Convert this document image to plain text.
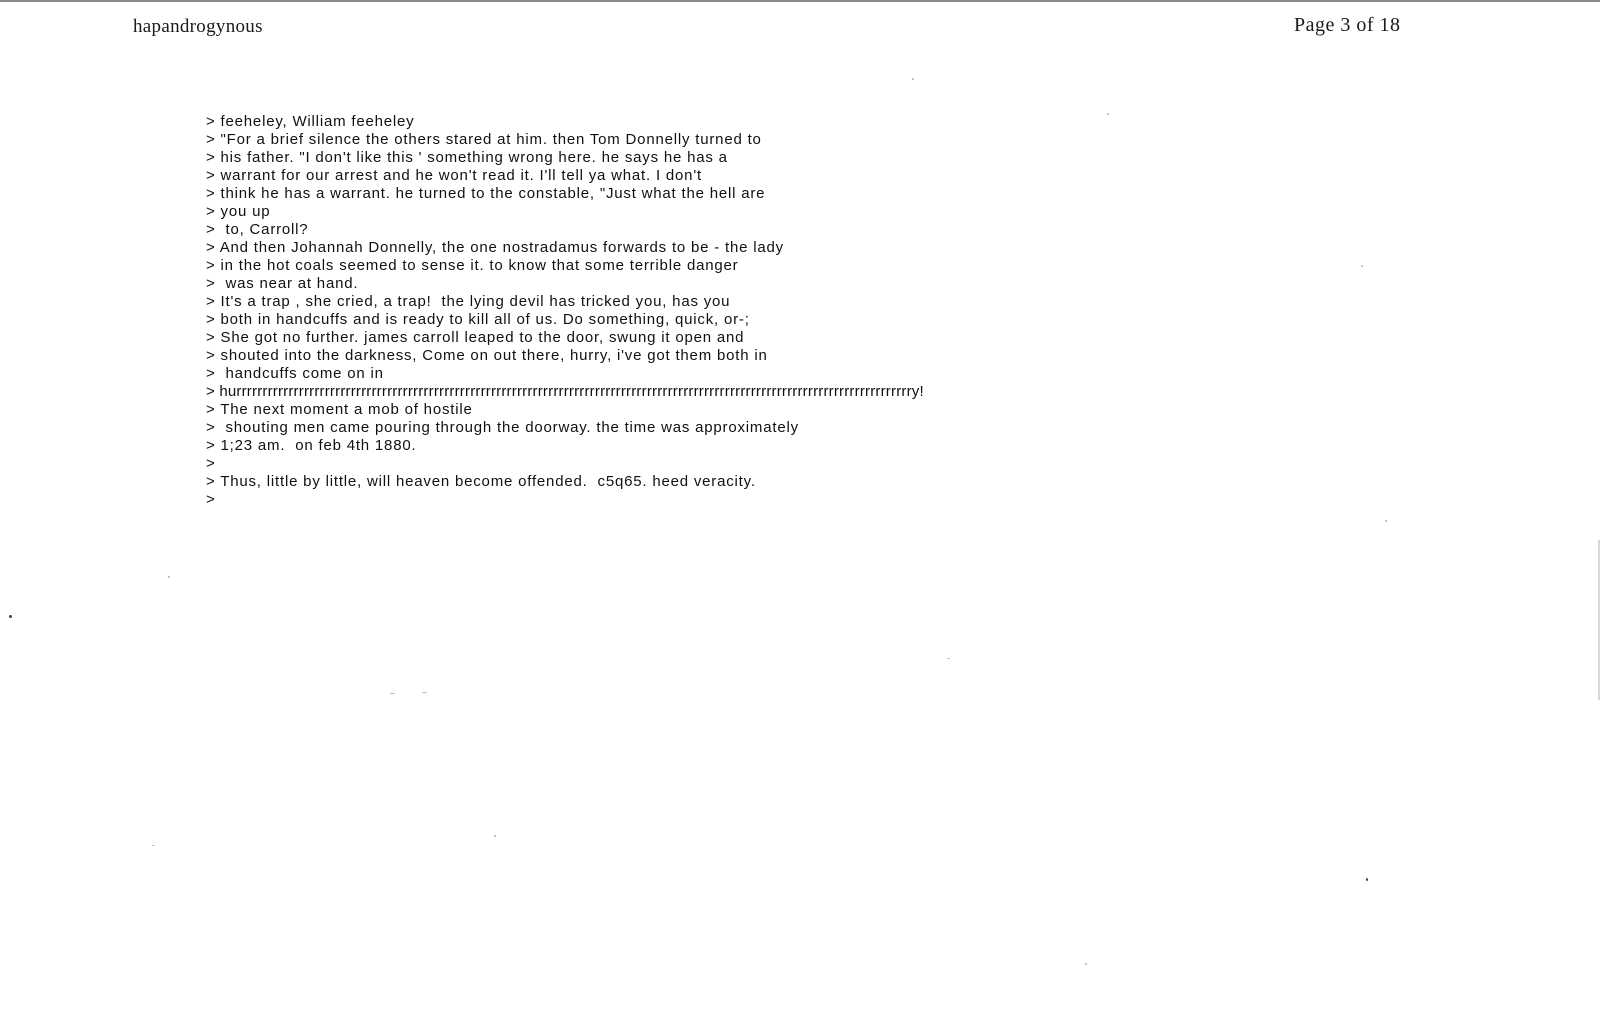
hapandrogynous	Page 3 of 18
> feeheley, William feeheley
> "For a brief silence the others stared at him. then Tom Donnelly turned to
> his father. "I don't like this ' something wrong here. he says he has a
> warrant for our arrest and he won't read it. I'll tell ya what. I don't
> think he has a warrant. he turned to the constable, "Just what the hell are
> you up
>  to, Carroll?
> And then Johannah Donnelly, the one nostradamus forwards to be - the lady
> in the hot coals seemed to sense it. to know that some terrible danger
>  was near at hand.
> It's a trap , she cried, a trap!  the lying devil has tricked you, has you
> both in handcuffs and is ready to kill all of us. Do something, quick, or-;
> She got no further. james carroll leaped to the door, swung it open and
> shouted into the darkness, Come on out there, hurry, i've got them both in
>  handcuffs come on in
> hurrrrrrrrrrrrrrrrrrrrrrrrrrrrrrrrrrrrrrrrrrrrrrrrrrrrrrrrrrrrrrrrrrrrrrrrrrrrrrrrrrrrrrrrrrrrrrrrrrrrrrrrrrrrrrrrrrrrrrrrrrrrrrrrrry!
> The next moment a mob of hostile
>  shouting men came pouring through the doorway. the time was approximately
> 1;23 am.  on feb 4th 1880.
>
> Thus, little by little, will heaven become offended.  c5q65. heed veracity.
>
